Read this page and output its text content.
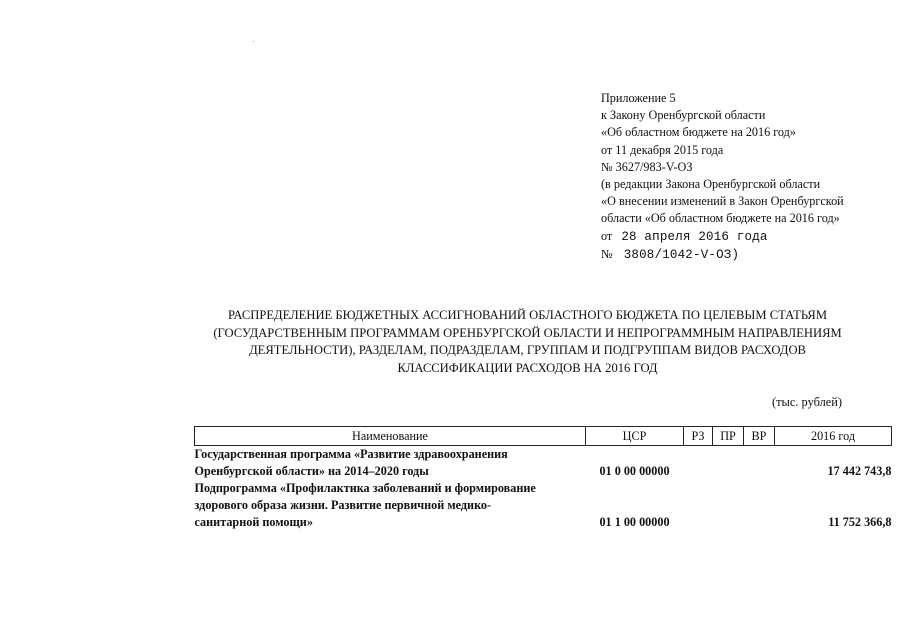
Приложение 5
к Закону Оренбургской области
«Об областном бюджете на 2016 год»
от 11 декабря 2015 года
№ 3627/983-V-ОЗ
(в редакции Закона Оренбургской области
«О внесении изменений в Закон Оренбургской
области «Об областном бюджете на 2016 год»
от 28 апреля 2016 года
№ 3808/1042-V-ОЗ)
РАСПРЕДЕЛЕНИЕ БЮДЖЕТНЫХ АССИГНОВАНИЙ ОБЛАСТНОГО БЮДЖЕТА ПО ЦЕЛЕВЫМ СТАТЬЯМ
(ГОСУДАРСТВЕННЫМ ПРОГРАММАМ ОРЕНБУРГСКОЙ ОБЛАСТИ И НЕПРОГРАММНЫМ НАПРАВЛЕНИЯМ
ДЕЯТЕЛЬНОСТИ), РАЗДЕЛАМ, ПОДРАЗДЕЛАМ, ГРУППАМ И ПОДГРУППАМ ВИДОВ РАСХОДОВ
КЛАССИФИКАЦИИ РАСХОДОВ НА 2016 ГОД
(тыс. рублей)
Наименование	ЦСР	РЗ	ПР	ВР	2016 год

Государственная программа «Развитие здравоохранения
Оренбургской области» на 2014–2020 годы	01 0 00 00000				17 442 743,8

Подпрограмма «Профилактика заболеваний и формирование
здорового образа жизни. Развитие первичной медико-
санитарной помощи»	01 1 00 00000				11 752 366,8
